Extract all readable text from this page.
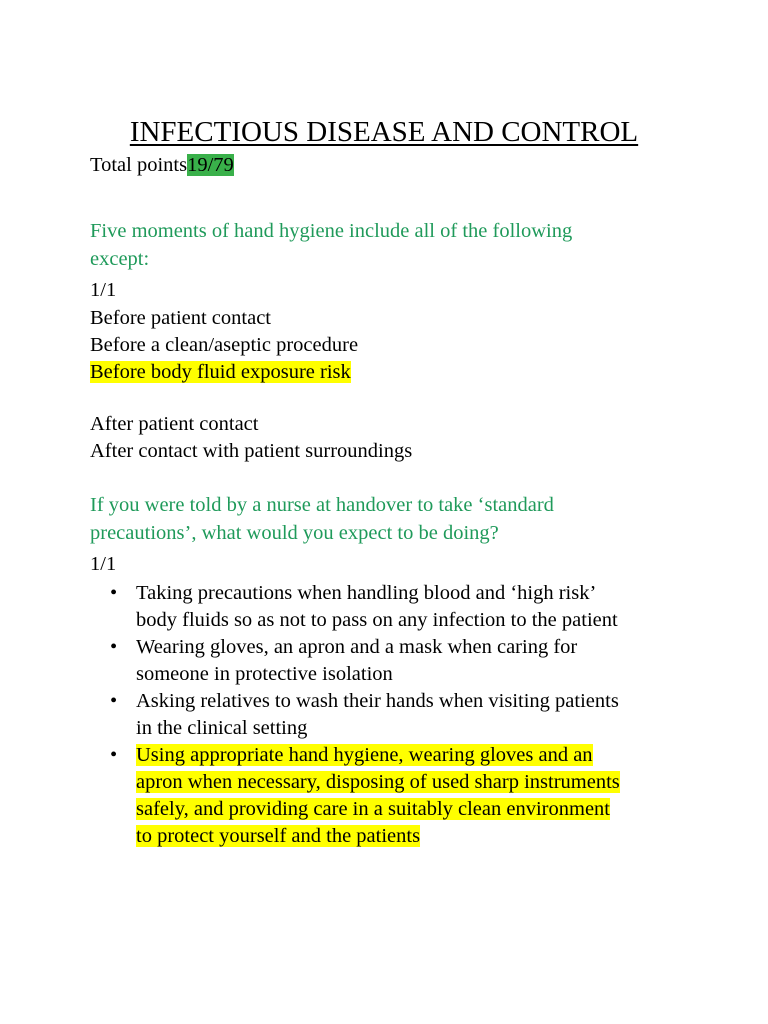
INFECTIOUS DISEASE AND CONTROL
Total points19/79
Five moments of hand hygiene include all of the following
except:
1/1
Before patient contact
Before a clean/aseptic procedure
Before body fluid exposure risk
After patient contact
After contact with patient surroundings
If you were told by a nurse at handover to take ‘standard
precautions’, what would you expect to be doing?
1/1
• Taking precautions when handling blood and ‘high risk’
body fluids so as not to pass on any infection to the patient
• Wearing gloves, an apron and a mask when caring for
someone in protective isolation
• Asking relatives to wash their hands when visiting patients
in the clinical setting
• Using appropriate hand hygiene, wearing gloves and an
apron when necessary, disposing of used sharp instruments
safely, and providing care in a suitably clean environment
to protect yourself and the patients
